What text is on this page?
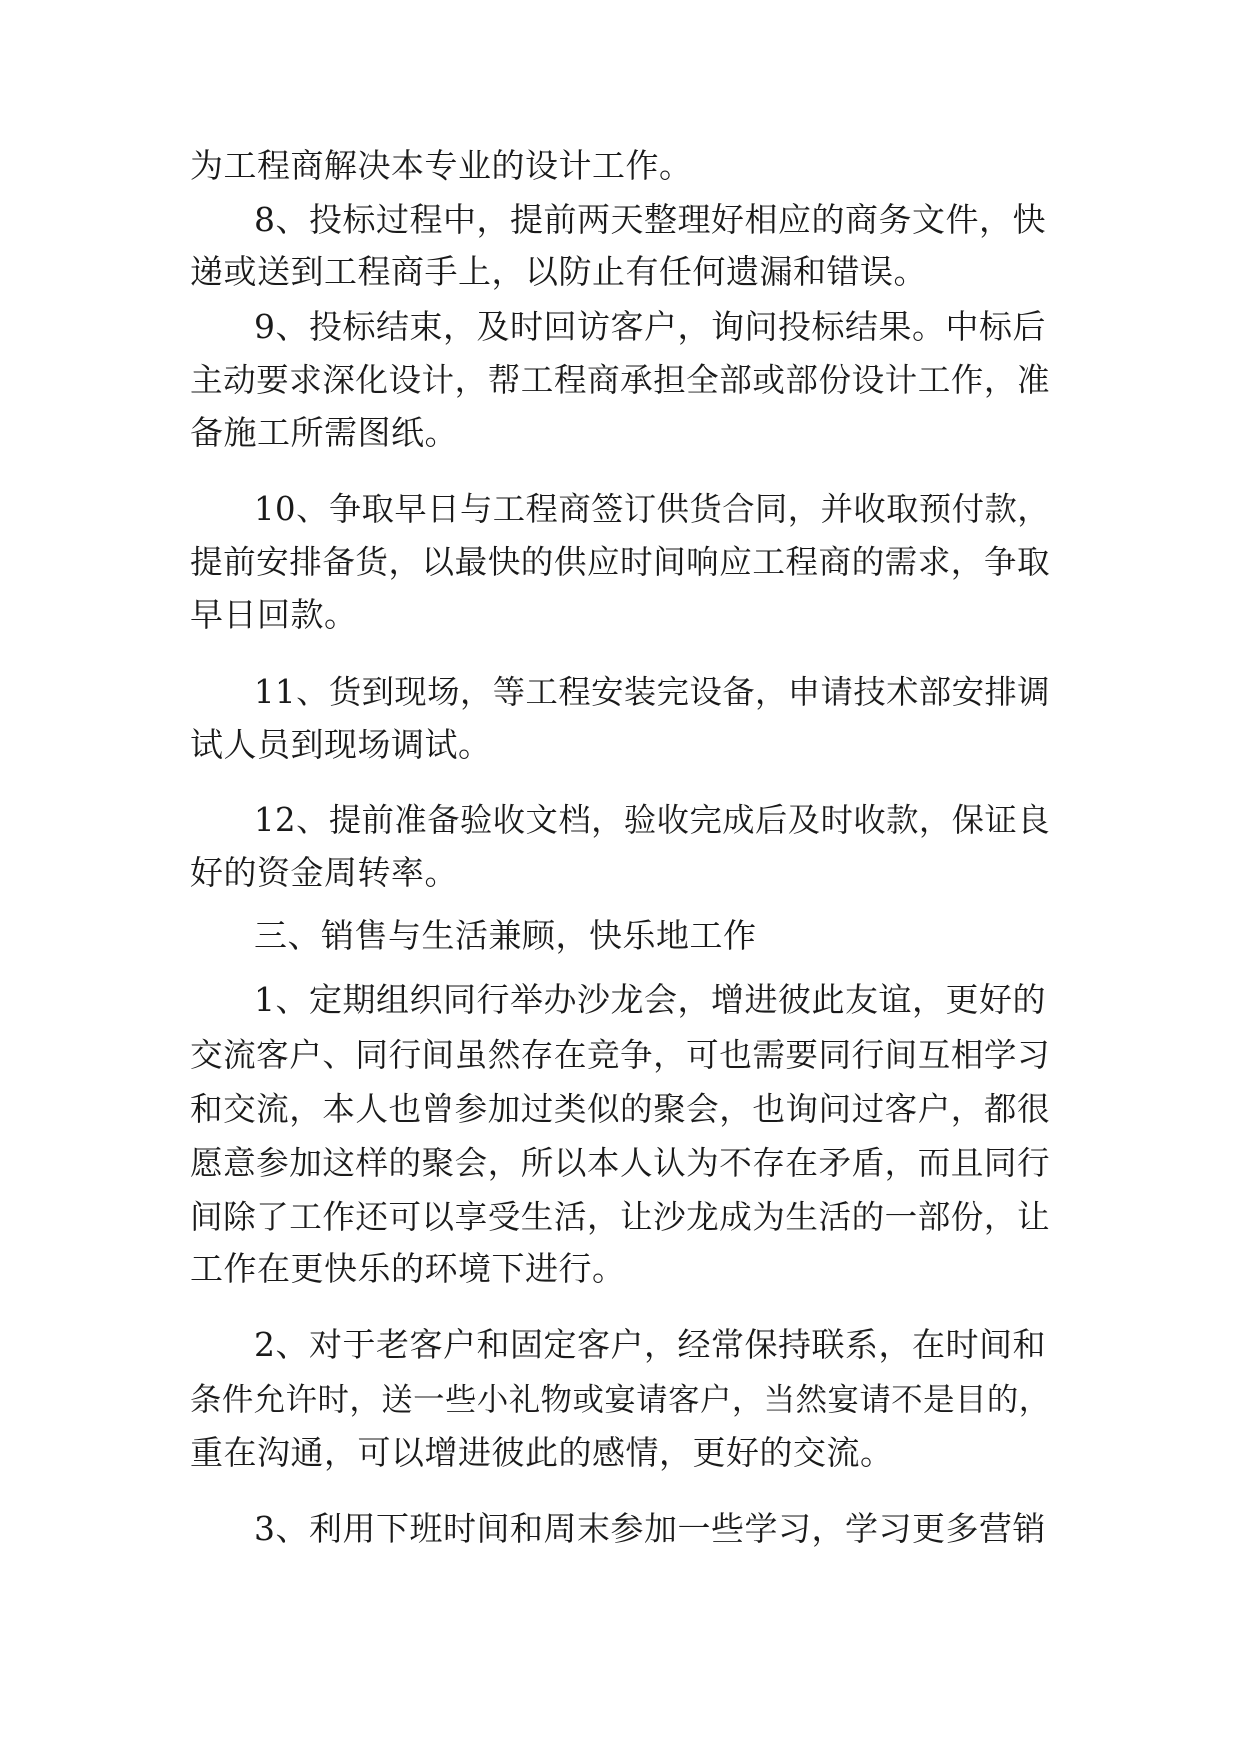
为工程商解决本专业的设计工作。
8、投标过程中，提前两天整理好相应的商务文件，快
递或送到工程商手上，以防止有任何遗漏和错误。
9、投标结束，及时回访客户，询问投标结果。中标后
主动要求深化设计，帮工程商承担全部或部份设计工作，准
备施工所需图纸。
10、争取早日与工程商签订供货合同，并收取预付款，
提前安排备货，以最快的供应时间响应工程商的需求，争取
早日回款。
11、货到现场，等工程安装完设备，申请技术部安排调
试人员到现场调试。
12、提前准备验收文档，验收完成后及时收款，保证良
好的资金周转率。
三、销售与生活兼顾，快乐地工作
1、定期组织同行举办沙龙会，增进彼此友谊，更好的
交流客户、同行间虽然存在竞争，可也需要同行间互相学习
和交流，本人也曾参加过类似的聚会，也询问过客户，都很
愿意参加这样的聚会，所以本人认为不存在矛盾，而且同行
间除了工作还可以享受生活，让沙龙成为生活的一部份，让
工作在更快乐的环境下进行。
2、对于老客户和固定客户，经常保持联系，在时间和
条件允许时，送一些小礼物或宴请客户，当然宴请不是目的，
重在沟通，可以增进彼此的感情，更好的交流。
3、利用下班时间和周末参加一些学习，学习更多营销
